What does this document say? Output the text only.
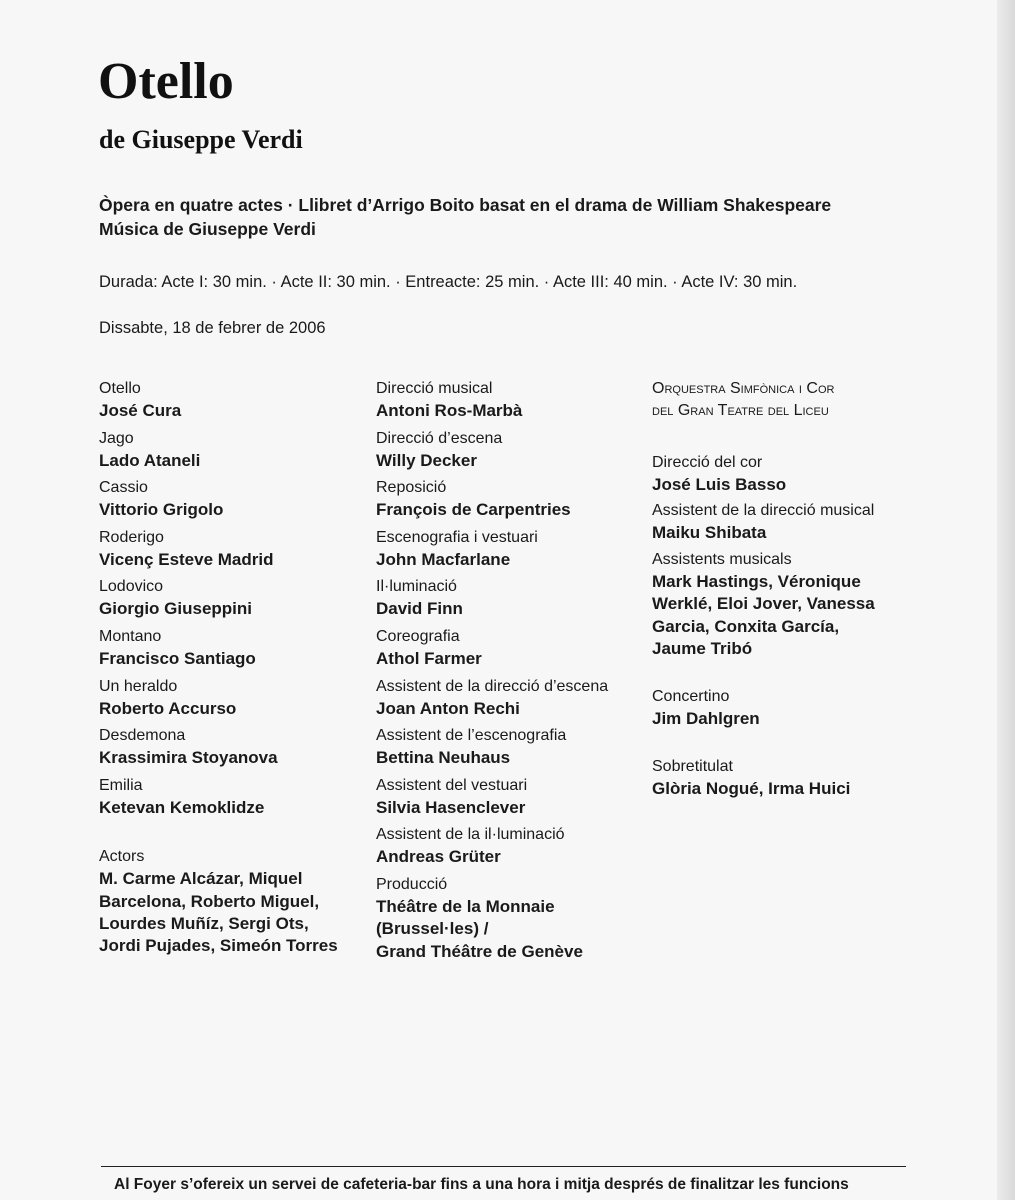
Otello
de Giuseppe Verdi
Òpera en quatre actes · Llibret d’Arrigo Boito basat en el drama de William Shakespeare
Música de Giuseppe Verdi
Durada: Acte I: 30 min. · Acte II: 30 min. · Entreacte: 25 min. · Acte III: 40 min. · Acte IV: 30 min.
Dissabte, 18 de febrer de 2006
Otello
José Cura
Jago
Lado Ataneli
Cassio
Vittorio Grigolo
Roderigo
Vicenç Esteve Madrid
Lodovico
Giorgio Giuseppini
Montano
Francisco Santiago
Un heraldo
Roberto Accurso
Desdemona
Krassimira Stoyanova
Emilia
Ketevan Kemoklidze
Actors
M. Carme Alcázar, Miquel
Barcelona, Roberto Miguel,
Lourdes Muñíz, Sergi Ots,
Jordi Pujades, Simeón Torres
Direcció musical
Antoni Ros-Marbà
Direcció d’escena
Willy Decker
Reposició
François de Carpentries
Escenografia i vestuari
John Macfarlane
Il·luminació
David Finn
Coreografia
Athol Farmer
Assistent de la direcció d’escena
Joan Anton Rechi
Assistent de l’escenografia
Bettina Neuhaus
Assistent del vestuari
Silvia Hasenclever
Assistent de la il·luminació
Andreas Grüter
Producció
Théâtre de la Monnaie
(Brussel·les) /
Grand Théâtre de Genève
Orquestra Simfònica i Cor
del Gran Teatre del Liceu
Direcció del cor
José Luis Basso
Assistent de la direcció musical
Maiku Shibata
Assistents musicals
Mark Hastings, Véronique
Werklé, Eloi Jover, Vanessa
Garcia, Conxita García,
Jaume Tribó
Concertino
Jim Dahlgren
Sobretitulat
Glòria Nogué, Irma Huici
Al Foyer s’ofereix un servei de cafeteria-bar fins a una hora i mitja després de finalitzar les funcions
